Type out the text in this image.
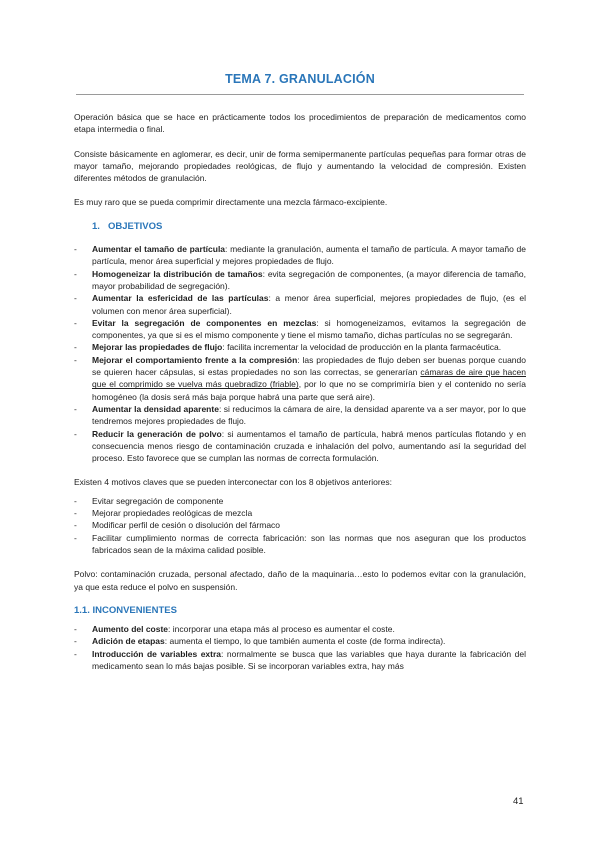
TEMA 7. GRANULACIÓN

Operación básica que se hace en prácticamente todos los procedimientos de preparación de medicamentos como etapa intermedia o final.

Consiste básicamente en aglomerar, es decir, unir de forma semipermanente partículas pequeñas para formar otras de mayor tamaño, mejorando propiedades reológicas, de flujo y aumentando la velocidad de compresión. Existen diferentes métodos de granulación.

Es muy raro que se pueda comprimir directamente una mezcla fármaco-excipiente.

1. OBJETIVOS
- Aumentar el tamaño de partícula: mediante la granulación, aumenta el tamaño de partícula. A mayor tamaño de partícula, menor área superficial y mejores propiedades de flujo.
- Homogeneizar la distribución de tamaños: evita segregación de componentes, (a mayor diferencia de tamaño, mayor probabilidad de segregación).
- Aumentar la esfericidad de las partículas: a menor área superficial, mejores propiedades de flujo, (es el volumen con menor área superficial).
- Evitar la segregación de componentes en mezclas: si homogeneizamos, evitamos la segregación de componentes, ya que si es el mismo componente y tiene el mismo tamaño, dichas partículas no se segregarán.
- Mejorar las propiedades de flujo: facilita incrementar la velocidad de producción en la planta farmacéutica.
- Mejorar el comportamiento frente a la compresión: las propiedades de flujo deben ser buenas porque cuando se quieren hacer cápsulas, si estas propiedades no son las correctas, se generarían cámaras de aire que hacen que el comprimido se vuelva más quebradizo (friable), por lo que no se comprimiría bien y el contenido no sería homogéneo (la dosis será más baja porque habrá una parte que será aire).
- Aumentar la densidad aparente: si reducimos la cámara de aire, la densidad aparente va a ser mayor, por lo que tendremos mejores propiedades de flujo.
- Reducir la generación de polvo: si aumentamos el tamaño de partícula, habrá menos partículas flotando y en consecuencia menos riesgo de contaminación cruzada e inhalación del polvo, aumentando así la seguridad del proceso. Esto favorece que se cumplan las normas de correcta formulación.

Existen 4 motivos claves que se pueden interconectar con los 8 objetivos anteriores:

- Evitar segregación de componente
- Mejorar propiedades reológicas de mezcla
- Modificar perfil de cesión o disolución del fármaco
- Facilitar cumplimiento normas de correcta fabricación: son las normas que nos aseguran que los productos fabricados sean de la máxima calidad posible.

Polvo: contaminación cruzada, personal afectado, daño de la maquinaria…esto lo podemos evitar con la granulación, ya que esta reduce el polvo en suspensión.

1.1. INCONVENIENTES
- Aumento del coste: incorporar una etapa más al proceso es aumentar el coste.
- Adición de etapas: aumenta el tiempo, lo que también aumenta el coste (de forma indirecta).
- Introducción de variables extra: normalmente se busca que las variables que haya durante la fabricación del medicamento sean lo más bajas posible. Si se incorporan variables extra, hay más
41
